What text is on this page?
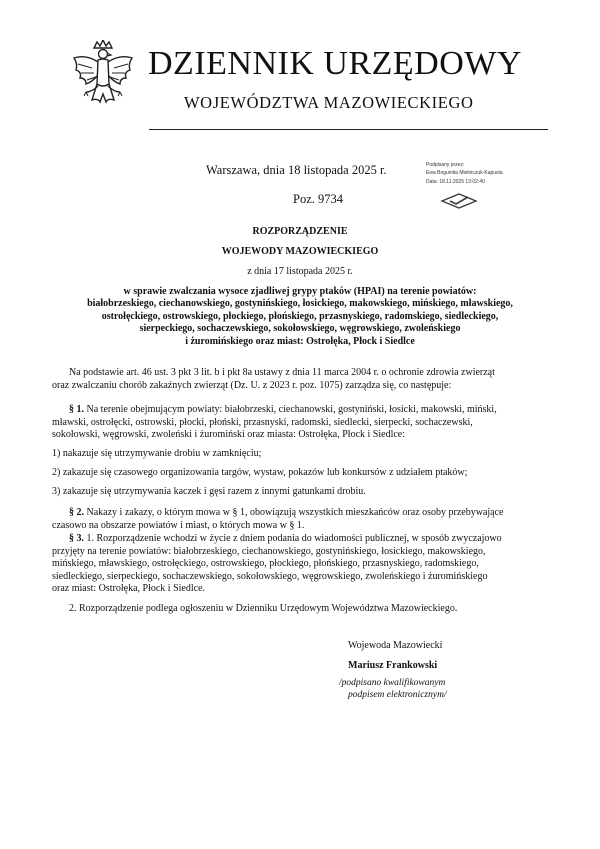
DZIENNIK URZĘDOWY
WOJEWÓDZTWA MAZOWIECKIEGO
Warszawa, dnia 18 listopada 2025 r.
Poz. 9734
Podpisany przez:
Ewa Bogumiła Mielniczuk-Kapusta
Data: 18.11.2025 13:02:40
ROZPORZĄDZENIE
WOJEWODY MAZOWIECKIEGO
z dnia 17 listopada 2025 r.
w sprawie zwalczania wysoce zjadliwej grypy ptaków (HPAI) na terenie powiatów:
białobrzeskiego, ciechanowskiego, gostynińskiego, łosickiego, makowskiego, mińskiego, mławskiego,
ostrołęckiego, ostrowskiego, płockiego, płońskiego, przasnyskiego, radomskiego, siedleckiego,
sierpeckiego, sochaczewskiego, sokołowskiego, węgrowskiego, zwoleńskiego
i żuromińskiego oraz miast: Ostrołęka, Płock i Siedlce
Na podstawie art. 46 ust. 3 pkt 3 lit. b i pkt 8a ustawy z dnia 11 marca 2004 r. o ochronie zdrowia zwierząt
oraz zwalczaniu chorób zakaźnych zwierząt (Dz. U. z 2023 r. poz. 1075) zarządza się, co następuje:
§ 1. Na terenie obejmującym powiaty: białobrzeski, ciechanowski, gostyniński, łosicki, makowski, miński,
mławski, ostrołęcki, ostrowski, płocki, płoński, przasnyski, radomski, siedlecki, sierpecki, sochaczewski,
sokołowski, węgrowski, zwoleński i żuromiński oraz miasta: Ostrołęka, Płock i Siedlce:
1) nakazuje się utrzymywanie drobiu w zamknięciu;
2) zakazuje się czasowego organizowania targów, wystaw, pokazów lub konkursów z udziałem ptaków;
3) zakazuje się utrzymywania kaczek i gęsi razem z innymi gatunkami drobiu.
§ 2. Nakazy i zakazy, o którym mowa w § 1, obowiązują wszystkich mieszkańców oraz osoby przebywające
czasowo na obszarze powiatów i miast, o których mowa w § 1.
§ 3. 1. Rozporządzenie wchodzi w życie z dniem podania do wiadomości publicznej, w sposób zwyczajowo
przyjęty na terenie powiatów: białobrzeskiego, ciechanowskiego, gostynińskiego, łosickiego, makowskiego,
mińskiego, mławskiego, ostrołęckiego, ostrowskiego, płockiego, płońskiego, przasnyskiego, radomskiego,
siedleckiego, sierpeckiego, sochaczewskiego, sokołowskiego, węgrowskiego, zwoleńskiego i żuromińskiego
oraz miast: Ostrołęka, Płock i Siedlce.
2. Rozporządzenie podlega ogłoszeniu w Dzienniku Urzędowym Województwa Mazowieckiego.
Wojewoda Mazowiecki
Mariusz Frankowski
/podpisano kwalifikowanym
podpisem elektronicznym/
